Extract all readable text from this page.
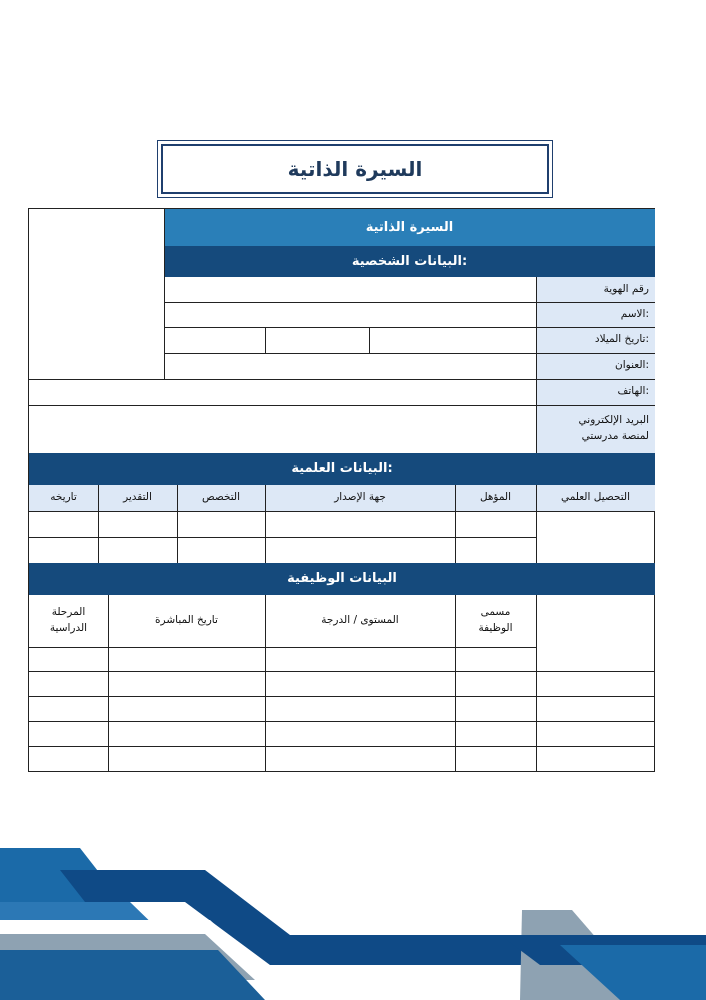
السيرة الذاتية
السيرة الذاتية
البيانات الشخصية:
رقم الهوية
الاسم:
تاريخ الميلاد:
العنوان:
الهاتف:
البريد الإلكتروني
لمنصة مدرستي
البيانات العلمية:
التحصيل العلمي
المؤهل
جهة الإصدار
التخصص
التقدير
تاريخه
البيانات الوظيفية
مسمى
الوظيفة
المستوى / الدرجة
تاريخ المباشرة
المرحلة
الدراسية
